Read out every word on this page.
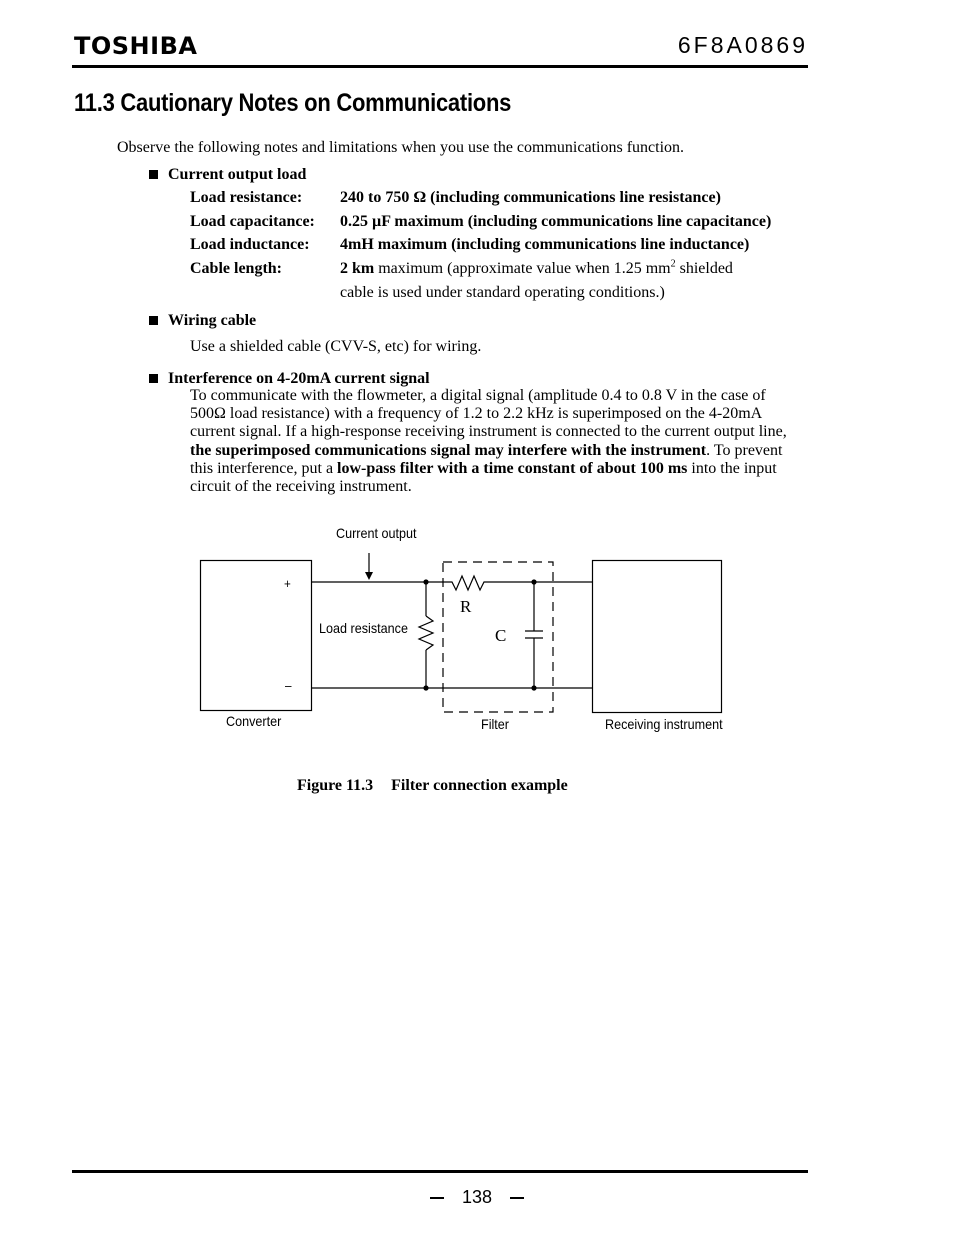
TOSHIBA	6F8A0869
11.3 Cautionary Notes on Communications
Observe the following notes and limitations when you use the communications function.
Current output load
Load resistance: 240 to 750 Ω (including communications line resistance)
Load capacitance: 0.25 µF maximum (including communications line capacitance)
Load inductance: 4mH maximum (including communications line inductance)
Cable length:	2 km maximum (approximate value when 1.25 $mm^2$ shielded
cable is used under standard operating conditions.)
Wiring cable
Use a shielded cable (CVV-S, etc) for wiring.
Interference on 4-20mA current signal
To communicate with the flowmeter, a digital signal (amplitude 0.4 to 0.8 V in the case of 500Ω load resistance) with a frequency of 1.2 to 2.2 kHz is superimposed on the 4-20mA current signal. If a high-response receiving instrument is connected to the current output line, the superimposed communications signal may interfere with the instrument. To prevent this interference, put a low-pass filter with a time constant of about 100 ms into the input circuit of the receiving instrument.
Current output
+
–
Load resistance
R
C
Converter	Filter	Receiving instrument
Figure 11.3 Filter connection example
138
